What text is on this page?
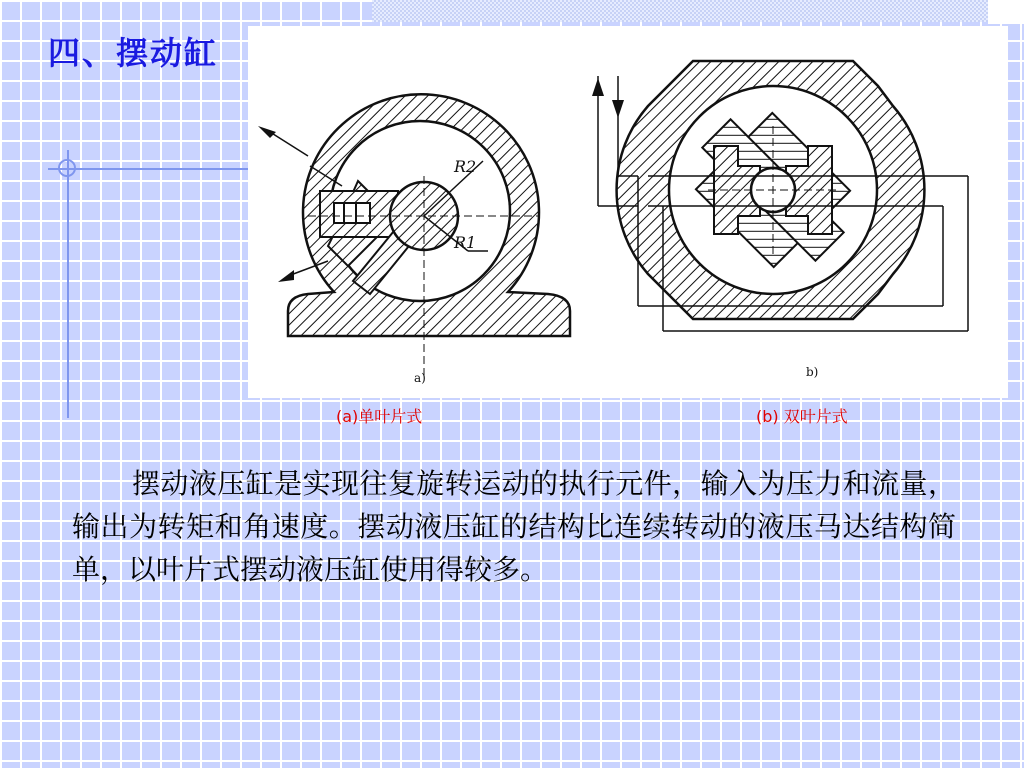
四、摆动缸
R2
R1
a)	b)
(a)单叶片式	(b) 双叶片式

摆动液压缸是实现往复旋转运动的执行元件，输入为压力和流量，输出为转矩和角速度。摆动液压缸的结构比连续转动的液压马达结构简单，以叶片式摆动液压缸使用得较多。
